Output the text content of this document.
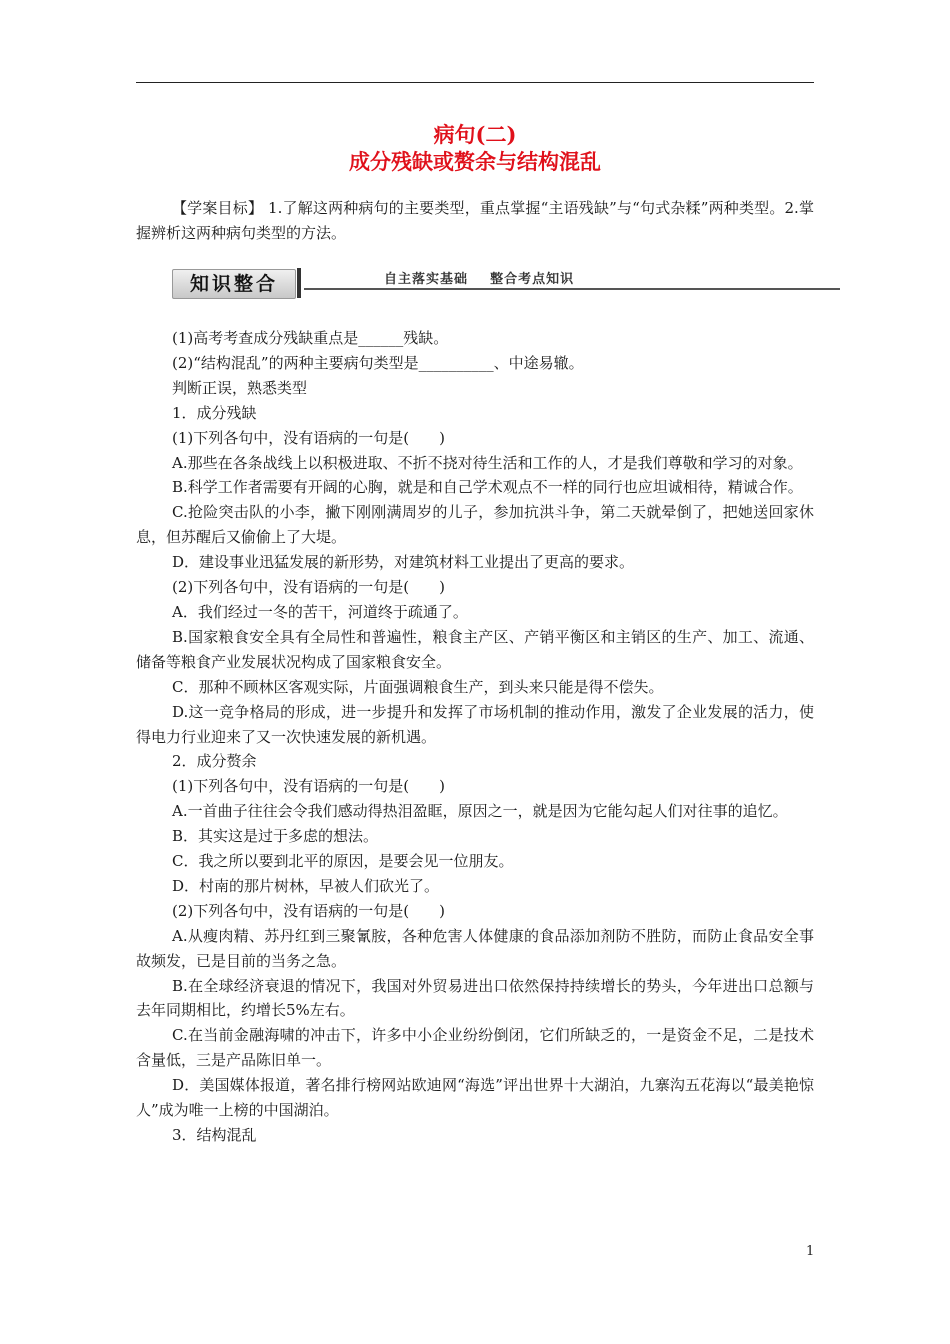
病句(二)
成分残缺或赘余与结构混乱

【学案目标】 1.了解这两种病句的主要类型，重点掌握“主语残缺”与“句式杂糅”两种类型。2.掌握辨析这两种病句类型的方法。

知识整合	自主落实基础    整合考点知识

(1)高考考查成分残缺重点是______残缺。

(2)“结构混乱”的两种主要病句类型是__________、中途易辙。

判断正误，熟悉类型

1．成分残缺

(1)下列各句中，没有语病的一句是(　　)

A.那些在各条战线上以积极进取、不折不挠对待生活和工作的人，才是我们尊敬和学习的对象。

B.科学工作者需要有开阔的心胸，就是和自己学术观点不一样的同行也应坦诚相待，精诚合作。

C.抢险突击队的小李，撇下刚刚满周岁的儿子，参加抗洪斗争，第二天就晕倒了，把她送回家休息，但苏醒后又偷偷上了大堤。

D．建设事业迅猛发展的新形势，对建筑材料工业提出了更高的要求。

(2)下列各句中，没有语病的一句是(　　)

A．我们经过一冬的苦干，河道终于疏通了。

B.国家粮食安全具有全局性和普遍性，粮食主产区、产销平衡区和主销区的生产、加工、流通、储备等粮食产业发展状况构成了国家粮食安全。

C．那种不顾林区客观实际，片面强调粮食生产，到头来只能是得不偿失。

D.这一竞争格局的形成，进一步提升和发挥了市场机制的推动作用，激发了企业发展的活力，使得电力行业迎来了又一次快速发展的新机遇。

2．成分赘余

(1)下列各句中，没有语病的一句是(　　)

A.一首曲子往往会令我们感动得热泪盈眶，原因之一，就是因为它能勾起人们对往事的追忆。

B．其实这是过于多虑的想法。

C．我之所以要到北平的原因，是要会见一位朋友。

D．村南的那片树林，早被人们砍光了。

(2)下列各句中，没有语病的一句是(　　)

A.从瘦肉精、苏丹红到三聚氰胺，各种危害人体健康的食品添加剂防不胜防，而防止食品安全事故频发，已是目前的当务之急。

B.在全球经济衰退的情况下，我国对外贸易进出口依然保持持续增长的势头，今年进出口总额与去年同期相比，约增长5%左右。

C.在当前金融海啸的冲击下，许多中小企业纷纷倒闭，它们所缺乏的，一是资金不足，二是技术含量低，三是产品陈旧单一。

D．美国媒体报道，著名排行榜网站欧迪网“海选”评出世界十大湖泊，九寨沟五花海以“最美艳惊人”成为唯一上榜的中国湖泊。

3．结构混乱

1
